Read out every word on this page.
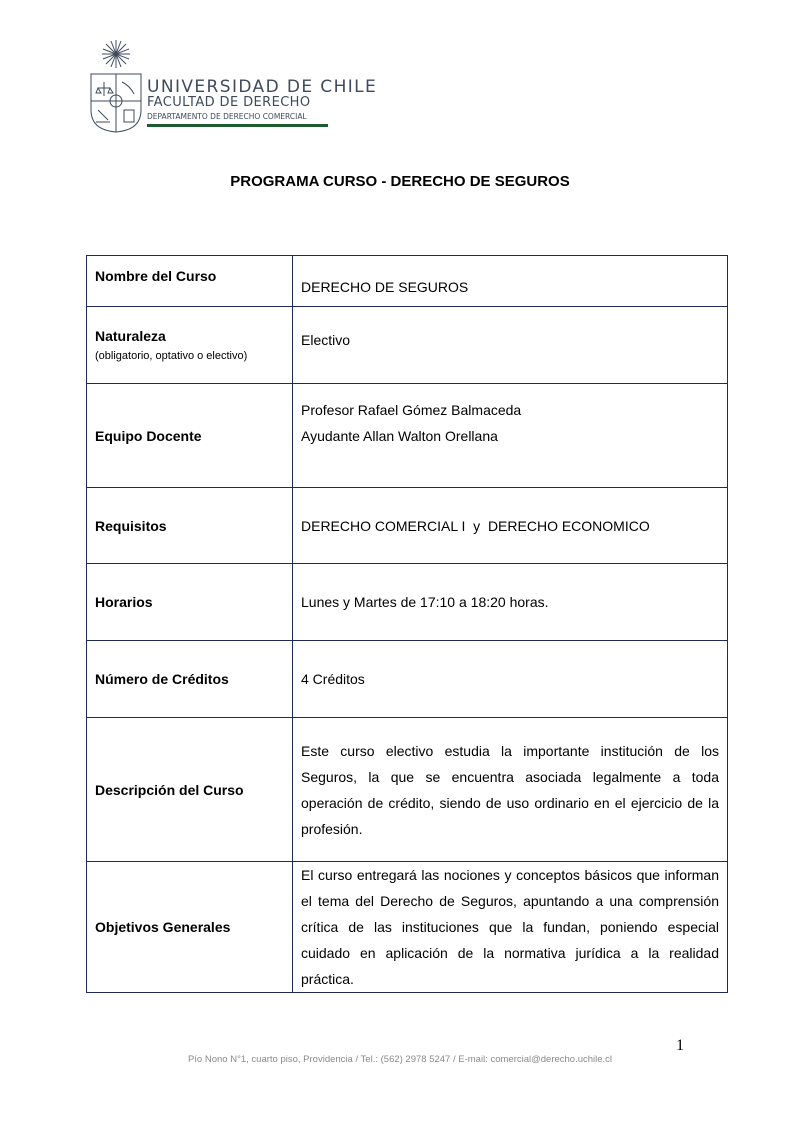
UNIVERSIDAD DE CHILE
FACULTAD DE DERECHO
DEPARTAMENTO DE DERECHO COMERCIAL
PROGRAMA CURSO - DERECHO DE SEGUROS
Nombre del Curso	DERECHO DE SEGUROS
Naturaleza
(obligatorio, optativo o electivo)	Electivo
Equipo Docente	Profesor Rafael Gómez Balmaceda
Ayudante Allan Walton Orellana

Requisitos	DERECHO COMERCIAL I  y  DERECHO ECONOMICO
Horarios	Lunes y Martes de 17:10 a 18:20 horas.
Número de Créditos	4 Créditos
Descripción del Curso	Este curso electivo estudia la importante institución de los Seguros, la que se encuentra asociada legalmente a toda operación de crédito, siendo de uso ordinario en el ejercicio de la profesión.
Objetivos Generales	El curso entregará las nociones y conceptos básicos que informan el tema del Derecho de Seguros, apuntando a una comprensión crítica de las instituciones que la fundan, poniendo especial cuidado en aplicación de la normativa jurídica a la realidad práctica.
1
Pío Nono N°1, cuarto piso, Providencia / Tel.: (562) 2978 5247 / E-mail: comercial@derecho.uchile.cl
